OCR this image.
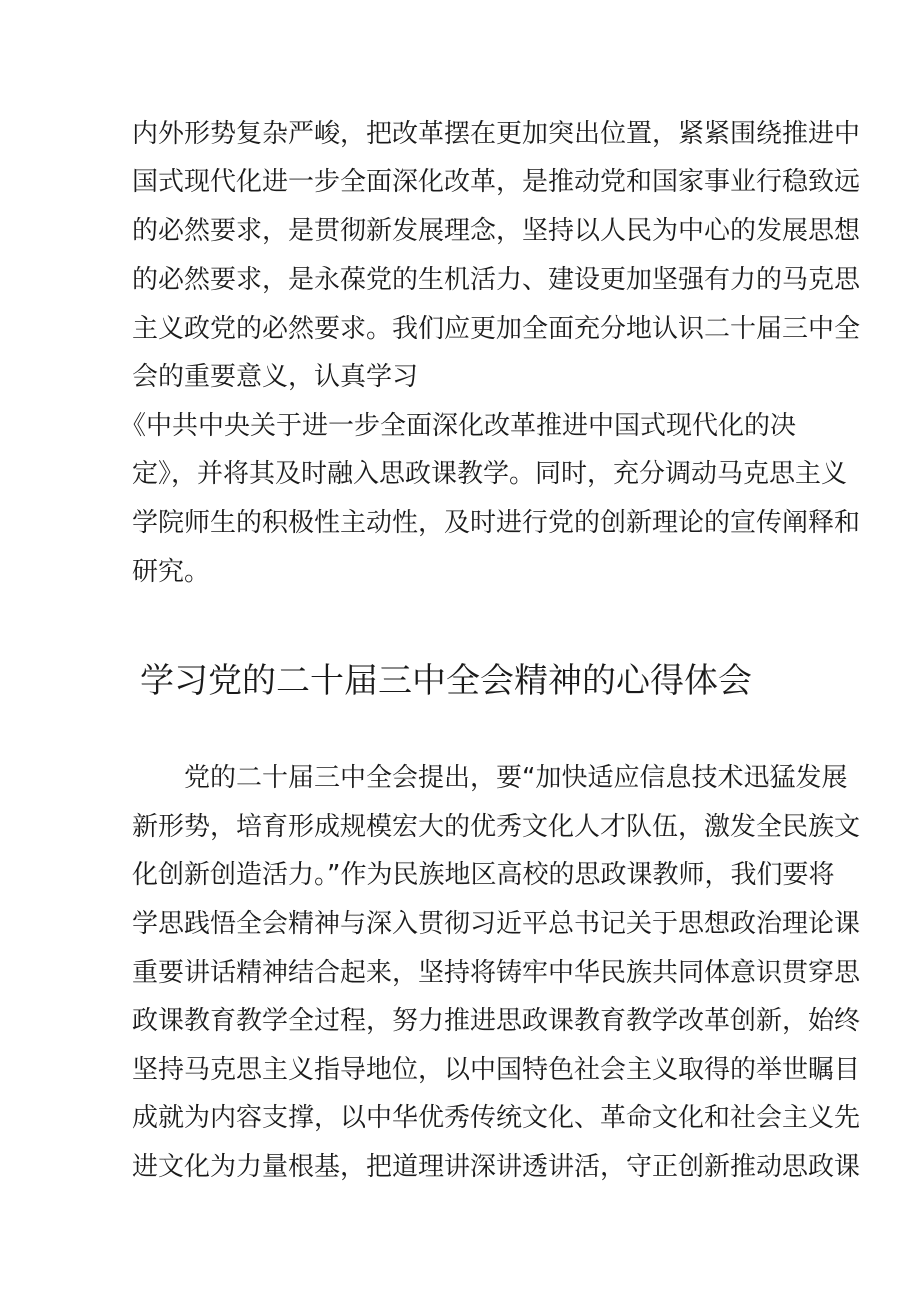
内外形势复杂严峻，把改革摆在更加突出位置，紧紧围绕推进中
国式现代化进一步全面深化改革，是推动党和国家事业行稳致远
的必然要求，是贯彻新发展理念，坚持以人民为中心的发展思想
的必然要求，是永葆党的生机活力、建设更加坚强有力的马克思
主义政党的必然要求。我们应更加全面充分地认识二十届三中全
会的重要意义，认真学习
《中共中央关于进一步全面深化改革推进中国式现代化的决
定》，并将其及时融入思政课教学。同时，充分调动马克思主义
学院师生的积极性主动性，及时进行党的创新理论的宣传阐释和
研究。
学习党的二十届三中全会精神的心得体会
党的二十届三中全会提出，要“加快适应信息技术迅猛发展
新形势，培育形成规模宏大的优秀文化人才队伍，激发全民族文
化创新创造活力。”作为民族地区高校的思政课教师，我们要将
学思践悟全会精神与深入贯彻习近平总书记关于思想政治理论课
重要讲话精神结合起来，坚持将铸牢中华民族共同体意识贯穿思
政课教育教学全过程，努力推进思政课教育教学改革创新，始终
坚持马克思主义指导地位，以中国特色社会主义取得的举世瞩目
成就为内容支撑，以中华优秀传统文化、革命文化和社会主义先
进文化为力量根基，把道理讲深讲透讲活，守正创新推动思政课
